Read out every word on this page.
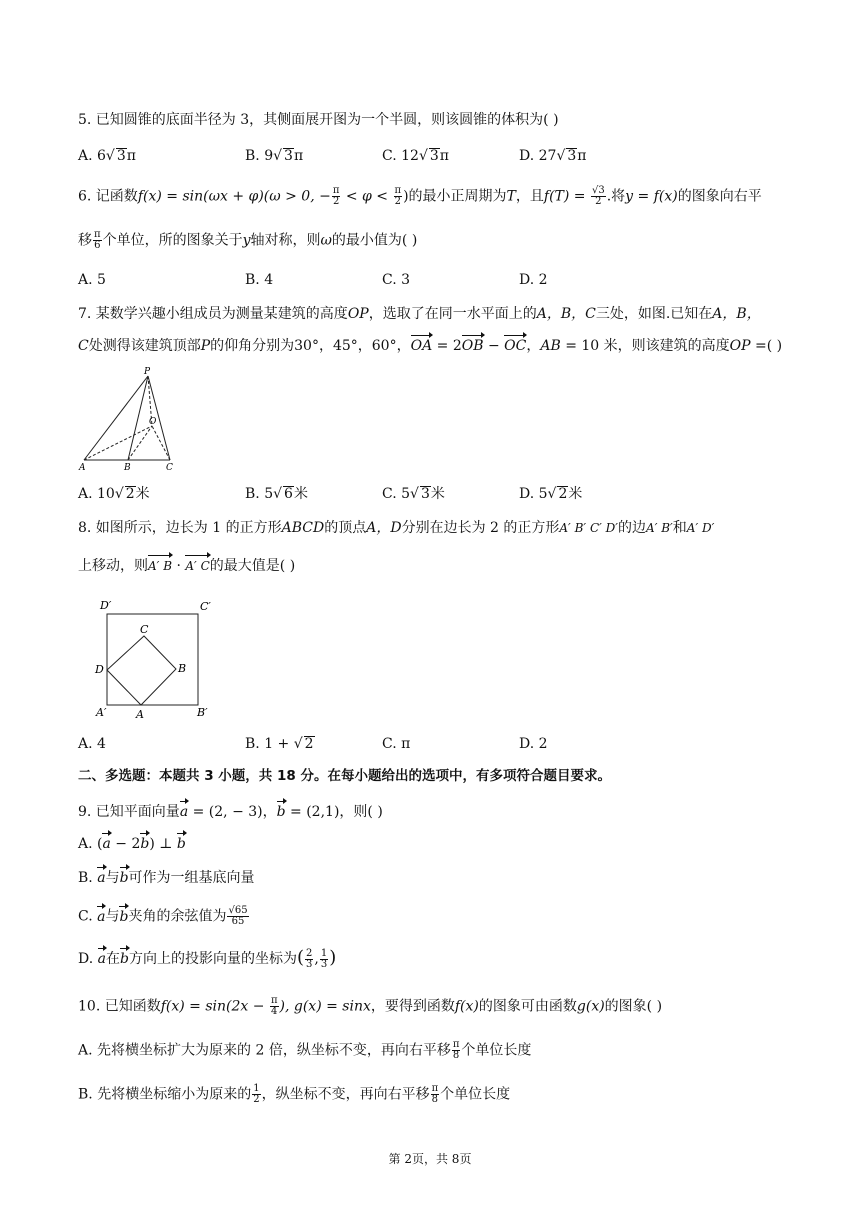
5. 已知圆锥的底面半径为 3，其侧面展开图为一个半圆，则该圆锥的体积为( )
A. 6√ 3π	B. 9√ 3π	C. 12√ 3π	D. 27√ 3π
6. 记函数f(x) = sin(ωx + φ)(ω > 0, − $\frac{\pi}{2} < \varphi < \frac{\pi}{2}$ )的最小正周期为T，且$f(T) = \frac{√3}{2}$ .将y = f(x)的图象向右平
移 $\frac{\pi}{6}$ 个单位，所的图象关于y轴对称，则ω的最小值为( )
A. 5	B. 4	C. 3	D. 2
7. 某数学兴趣小组成员为测量某建筑的高度OP，选取了在同一水平面上的A，B，C三处，如图.已知在A，B，
C处测得该建筑顶部P的仰角分别为30°，45°，60°，OA = 2OB − OC，AB = 10 米，则该建筑的高度OP =( )
P
O
A	B	C
A. 10√ 2米	B. 5√ 6米	C. 5√ 3米	D. 5√ 2米
8. 如图所示，边长为 1 的正方形ABCD的顶点A，D分别在边长为 2 的正方形A′ B′ C′ D′的边A′ B′和A′ D′
上移动，则A′ B · A′ C的最大值是( )
D′	C′
A′	B′
A
B
C
D
A. 4	B. 1 + √ 2	C. π	D. 2
二、多选题：本题共 3 小题，共 18 分。在每小题给出的选项中，有多项符合题目要求。
9. 已知平面向量a = (2, − 3)，b = (2,1)，则( )
A. (a − 2b) ⊥ b
B. a与b可作为一组基底向量
C. a与b夹角的余弦值为 $\frac{√65}{65}$
D. a在b方向上的投影向量的坐标为( $\frac{2}{3}$ , $\frac{1}{3}$ )
10. 已知函数$f(x) = \sin(2x - \frac{\pi}{4}$ ), g(x) = sinx，要得到函数f(x)的图象可由函数g(x)的图象( )
A. 先将横坐标扩大为原来的 2 倍，纵坐标不变，再向右平移 $\frac{\pi}{8}$ 个单位长度
B. 先将横坐标缩小为原来的 $\frac{1}{2}$ ，纵坐标不变，再向右平移 $\frac{\pi}{8}$ 个单位长度
第 2页，共 8页
